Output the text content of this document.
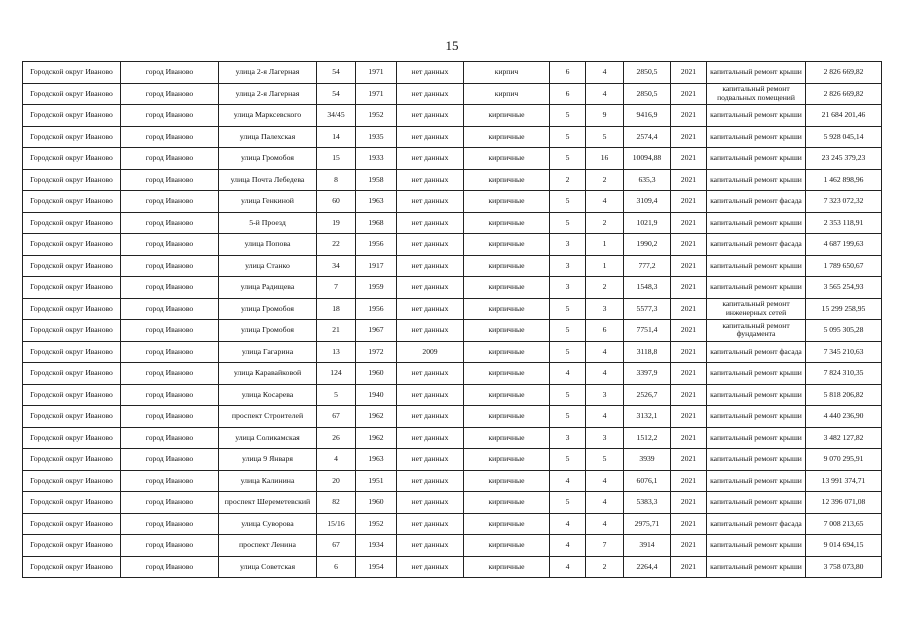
15
Городской округ Иваново	город Иваново	улица 2-я Лагерная	54	1971	нет данных	кирпич	6	4	2850,5	2021	капитальный ремонт крыши	2 826 669,82
Городской округ Иваново	город Иваново	улица 2-я Лагерная	54	1971	нет данных	кирпич	6	4	2850,5	2021	капитальный ремонт подвальных помещений	2 826 669,82
Городской округ Иваново	город Иваново	улица Марксевского	34/45	1952	нет данных	кирпичные	5	9	9416,9	2021	капитальный ремонт крыши	21 684 201,46
Городской округ Иваново	город Иваново	улица Палехская	14	1935	нет данных	кирпичные	5	5	2574,4	2021	капитальный ремонт крыши	5 928 045,14
Городской округ Иваново	город Иваново	улица Громобоя	15	1933	нет данных	кирпичные	5	16	10094,88	2021	капитальный ремонт крыши	23 245 379,23
Городской округ Иваново	город Иваново	улица Почта Лебедева	8	1958	нет данных	кирпичные	2	2	635,3	2021	капитальный ремонт крыши	1 462 898,96
Городской округ Иваново	город Иваново	улица Генкиной	60	1963	нет данных	кирпичные	5	4	3109,4	2021	капитальный ремонт фасада	7 323 072,32
Городской округ Иваново	город Иваново	5-й Проезд	19	1968	нет данных	кирпичные	5	2	1021,9	2021	капитальный ремонт крыши	2 353 118,91
Городской округ Иваново	город Иваново	улица Попова	22	1956	нет данных	кирпичные	3	1	1990,2	2021	капитальный ремонт фасада	4 687 199,63
Городской округ Иваново	город Иваново	улица Станко	34	1917	нет данных	кирпичные	3	1	777,2	2021	капитальный ремонт крыши	1 789 650,67
Городской округ Иваново	город Иваново	улица Радищева	7	1959	нет данных	кирпичные	3	2	1548,3	2021	капитальный ремонт крыши	3 565 254,93
Городской округ Иваново	город Иваново	улица Громобоя	18	1956	нет данных	кирпичные	5	3	5577,3	2021	капитальный ремонт инженерных сетей	15 299 258,95
Городской округ Иваново	город Иваново	улица Громобоя	21	1967	нет данных	кирпичные	5	6	7751,4	2021	капитальный ремонт фундамента	5 095 305,28
Городской округ Иваново	город Иваново	улица Гагарина	13	1972	2009	кирпичные	5	4	3118,8	2021	капитальный ремонт фасада	7 345 210,63
Городской округ Иваново	город Иваново	улица Каравайковой	124	1960	нет данных	кирпичные	4	4	3397,9	2021	капитальный ремонт крыши	7 824 310,35
Городской округ Иваново	город Иваново	улица Косарева	5	1940	нет данных	кирпичные	5	3	2526,7	2021	капитальный ремонт крыши	5 818 206,82
Городской округ Иваново	город Иваново	проспект Строителей	67	1962	нет данных	кирпичные	5	4	3132,1	2021	капитальный ремонт крыши	4 440 236,90
Городской округ Иваново	город Иваново	улица Соликамская	26	1962	нет данных	кирпичные	3	3	1512,2	2021	капитальный ремонт крыши	3 482 127,82
Городской округ Иваново	город Иваново	улица 9 Января	4	1963	нет данных	кирпичные	5	5	3939	2021	капитальный ремонт крыши	9 070 295,91
Городской округ Иваново	город Иваново	улица Калинина	20	1951	нет данных	кирпичные	4	4	6076,1	2021	капитальный ремонт крыши	13 991 374,71
Городской округ Иваново	город Иваново	проспект Шереметевский	82	1960	нет данных	кирпичные	5	4	5383,3	2021	капитальный ремонт крыши	12 396 071,08
Городской округ Иваново	город Иваново	улица Суворова	15/16	1952	нет данных	кирпичные	4	4	2975,71	2021	капитальный ремонт фасада	7 008 213,65
Городской округ Иваново	город Иваново	проспект Ленина	67	1934	нет данных	кирпичные	4	7	3914	2021	капитальный ремонт крыши	9 014 694,15
Городской округ Иваново	город Иваново	улица Советская	6	1954	нет данных	кирпичные	4	2	2264,4	2021	капитальный ремонт крыши	3 758 073,80
